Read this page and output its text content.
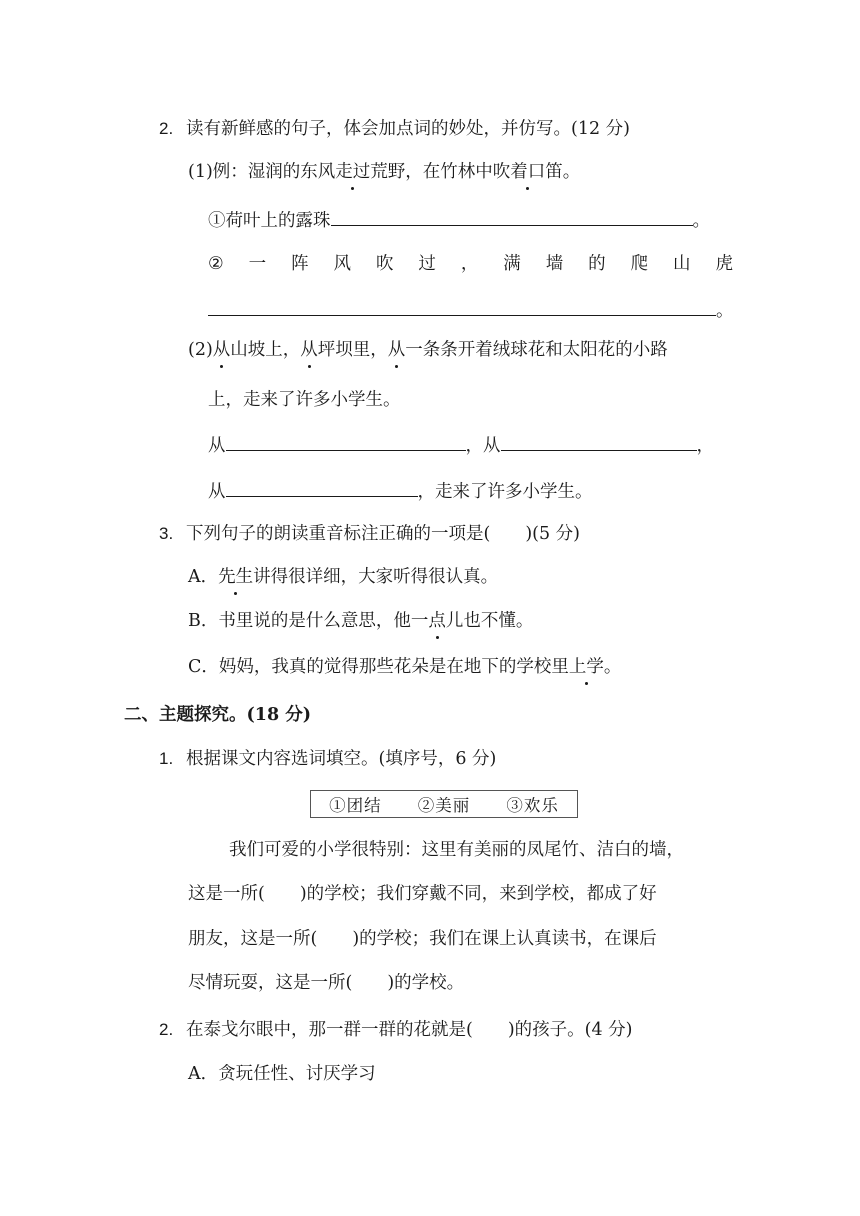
2. 读有新鲜感的句子，体会加点词的妙处，并仿写。(12 分)
(1)例：湿润的东风走过荒野，在竹林中吹着口笛。
①荷叶上的露珠	。
② 一 阵 风 吹 过 ， 满 墙 的 爬 山 虎
。
(2)从山坡上，从坪坝里，从一条条开着绒球花和太阳花的小路
上，走来了许多小学生。
从	，从	，
从	，走来了许多小学生。
3. 下列句子的朗读重音标注正确的一项是(　　)(5 分)
A．先生讲得很详细，大家听得很认真。
B．书里说的是什么意思，他一点儿也不懂。
C．妈妈，我真的觉得那些花朵是在地下的学校里上学。
二、主题探究。(18 分)
1. 根据课文内容选词填空。(填序号，6 分)
①团结 ②美丽 ③欢乐
我们可爱的小学很特别：这里有美丽的凤尾竹、洁白的墙，
这是一所(　　)的学校；我们穿戴不同，来到学校，都成了好
朋友，这是一所(　　)的学校；我们在课上认真读书，在课后
尽情玩耍，这是一所(　　)的学校。
2. 在泰戈尔眼中，那一群一群的花就是(　　)的孩子。(4 分)
A．贪玩任性、讨厌学习
